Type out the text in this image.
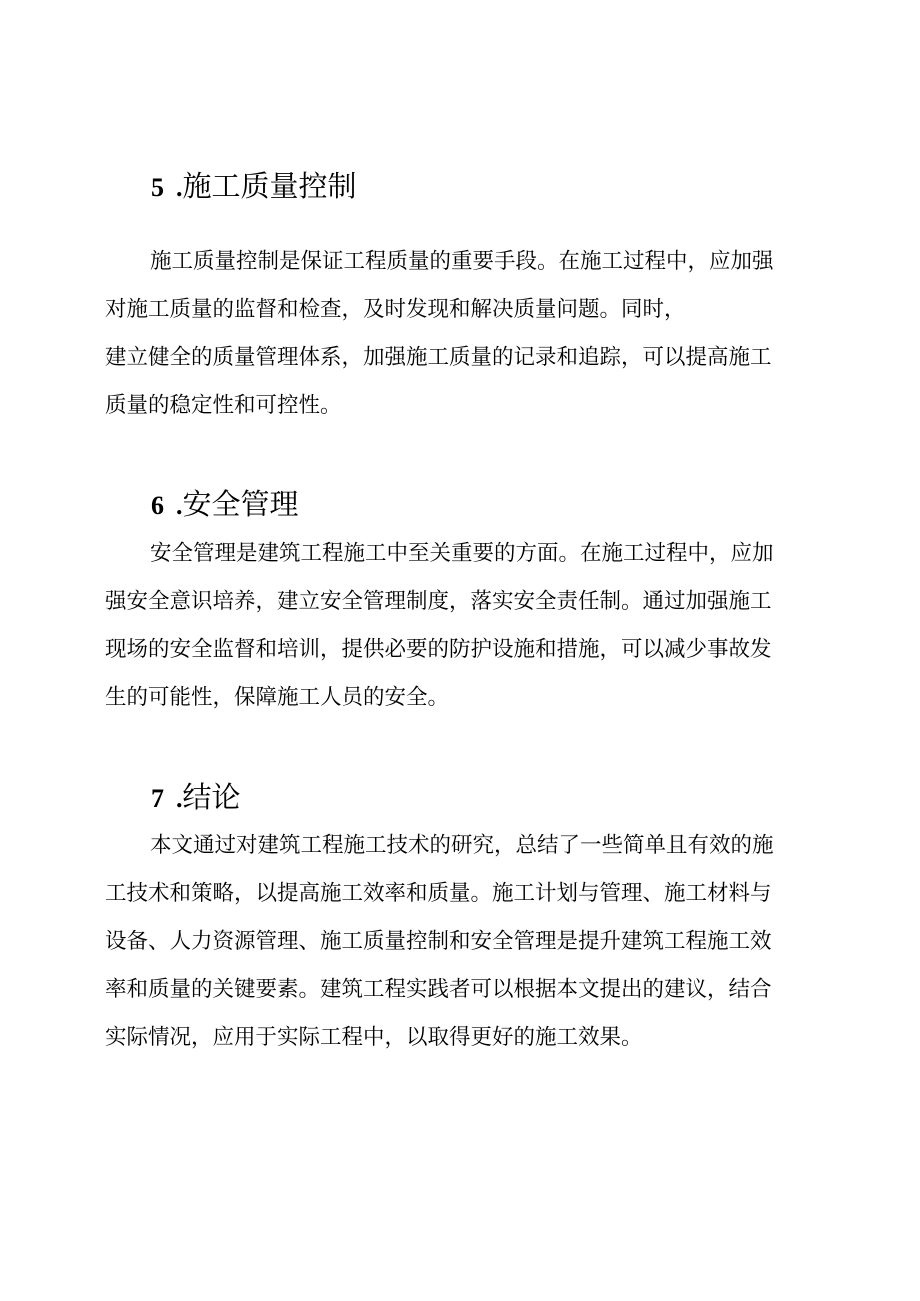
5 .施工质量控制
施工质量控制是保证工程质量的重要手段。在施工过程中，应加强
对施工质量的监督和检查，及时发现和解决质量问题。同时，
建立健全的质量管理体系，加强施工质量的记录和追踪，可以提高施工
质量的稳定性和可控性。
6 .安全管理
安全管理是建筑工程施工中至关重要的方面。在施工过程中，应加
强安全意识培养，建立安全管理制度，落实安全责任制。通过加强施工
现场的安全监督和培训，提供必要的防护设施和措施，可以减少事故发
生的可能性，保障施工人员的安全。
7 .结论
本文通过对建筑工程施工技术的研究，总结了一些简单且有效的施
工技术和策略，以提高施工效率和质量。施工计划与管理、施工材料与
设备、人力资源管理、施工质量控制和安全管理是提升建筑工程施工效
率和质量的关键要素。建筑工程实践者可以根据本文提出的建议，结合
实际情况，应用于实际工程中，以取得更好的施工效果。
